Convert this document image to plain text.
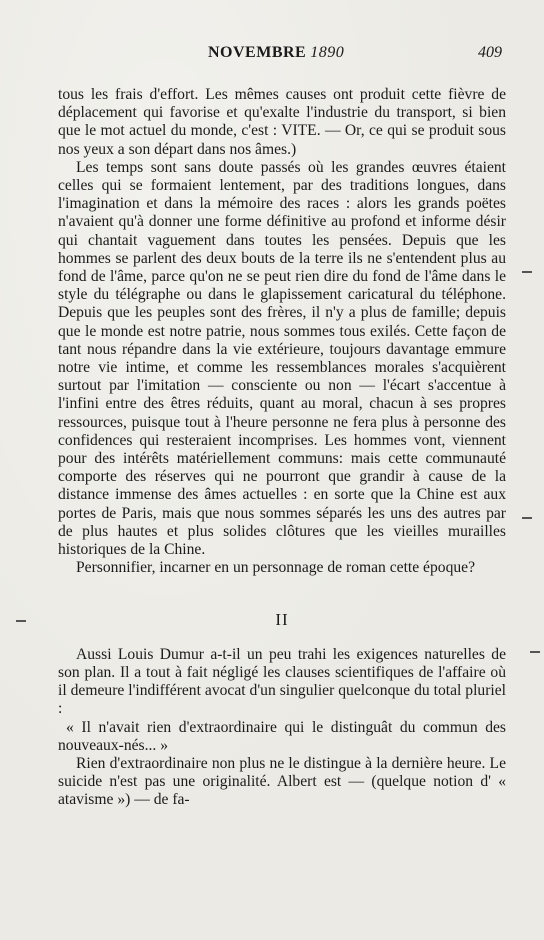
NOVEMBRE 1890	409

tous les frais d'effort. Les mêmes causes ont produit cette fièvre de déplacement qui favorise et qu'exalte l'industrie du transport, si bien que le mot actuel du monde, c'est : VITE. — Or, ce qui se produit sous nos yeux a son départ dans nos âmes.)

Les temps sont sans doute passés où les grandes œuvres étaient celles qui se formaient lentement, par des traditions longues, dans l'imagination et dans la mémoire des races : alors les grands poëtes n'avaient qu'à donner une forme définitive au profond et informe désir qui chantait vaguement dans toutes les pensées. Depuis que les hommes se parlent des deux bouts de la terre ils ne s'entendent plus au fond de l'âme, parce qu'on ne se peut rien dire du fond de l'âme dans le style du télégraphe ou dans le glapissement caricatural du téléphone. Depuis que les peuples sont des frères, il n'y a plus de famille; depuis que le monde est notre patrie, nous sommes tous exilés. Cette façon de tant nous répandre dans la vie extérieure, toujours davantage emmure notre vie intime, et comme les ressemblances morales s'acquièrent surtout par l'imitation — consciente ou non — l'écart s'accentue à l'infini entre des êtres réduits, quant au moral, chacun à ses propres ressources, puisque tout à l'heure personne ne fera plus à personne des confidences qui resteraient incomprises. Les hommes vont, viennent pour des intérêts matériellement communs: mais cette communauté comporte des réserves qui ne pourront que grandir à cause de la distance immense des âmes actuelles : en sorte que la Chine est aux portes de Paris, mais que nous sommes séparés les uns des autres par de plus hautes et plus solides clôtures que les vieilles murailles historiques de la Chine.

Personnifier, incarner en un personnage de roman cette époque?

II

Aussi Louis Dumur a-t-il un peu trahi les exigences naturelles de son plan. Il a tout à fait négligé les clauses scientifiques de l'affaire où il demeure l'indifférent avocat d'un singulier quelconque du total pluriel :

« Il n'avait rien d'extraordinaire qui le distinguât du commun des nouveaux-nés... »

Rien d'extraordinaire non plus ne le distingue à la dernière heure. Le suicide n'est pas une originalité. Albert est — (quelque notion d' « atavisme ») — de fa-
